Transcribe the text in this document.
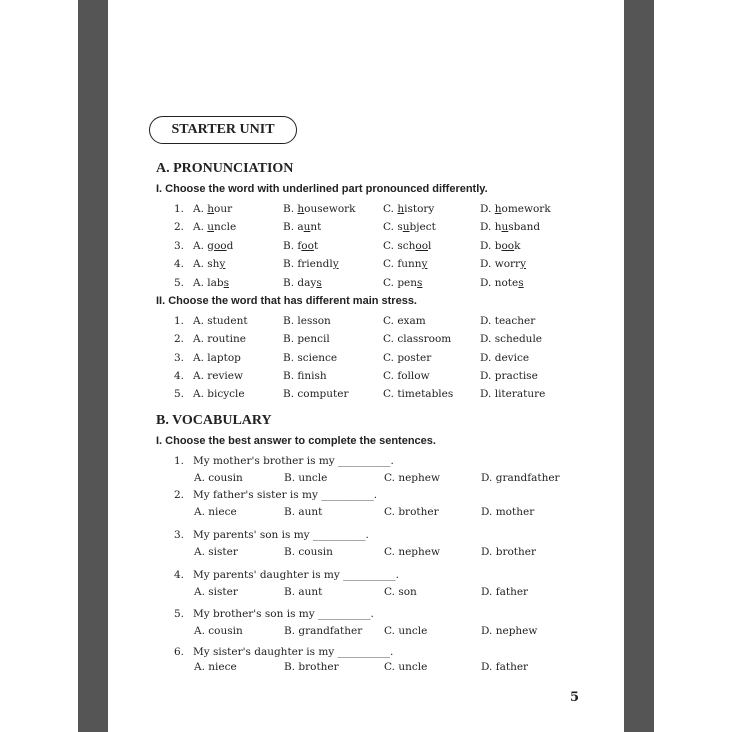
STARTER UNIT
A. PRONUNCIATION
I. Choose the word with underlined part pronounced differently.
II. Choose the word that has different main stress.
B. VOCABULARY
I. Choose the best answer to complete the sentences.
5
1. A. hour	B. housework	C. history	D. homework
2. A. uncle	B. aunt	C. subject	D. husband
3. A. good	B. foot	C. school	D. book
4. A. shy	B. friendly	C. funny	D. worry
5. A. labs	B. days	C. pens	D. notes
1. A. student	B. lesson	C. exam	D. teacher
2. A. routine	B. pencil	C. classroom	D. schedule
3. A. laptop	B. science	C. poster	D. device
4. A. review	B. finish	C. follow	D. practise
5. A. bicycle	B. computer	C. timetables	D. literature
1. My mother's brother is my __________.
A. cousin	B. uncle	C. nephew	D. grandfather
2. My father's sister is my __________.
A. niece	B. aunt	C. brother	D. mother
3. My parents' son is my __________.
A. sister	B. cousin	C. nephew	D. brother
4. My parents' daughter is my __________.
A. sister	B. aunt	C. son	D. father
5. My brother's son is my __________.
A. cousin	B. grandfather C. uncle	D. nephew
6. My sister's daughter is my __________.
A. niece	B. brother	C. uncle	D. father
